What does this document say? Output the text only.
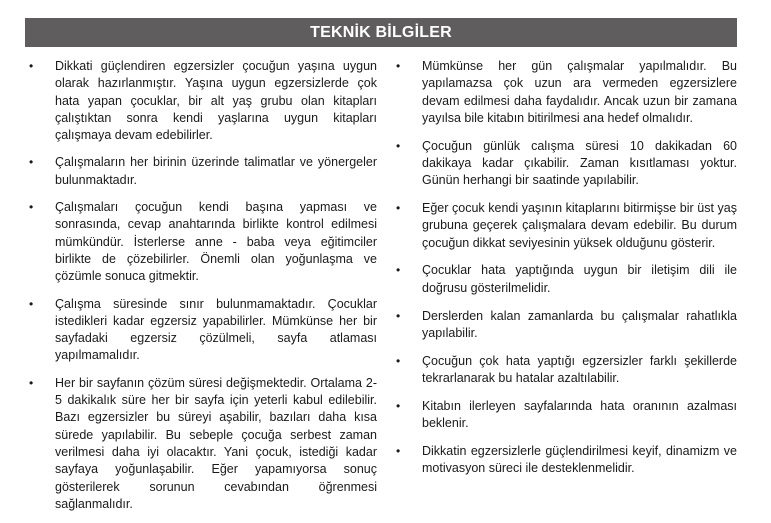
TEKNİK BİLGİLER
•	Dikkati güçlendiren egzersizler çocuğun yaşına uygun olarak hazırlanmıştır. Yaşına uygun egzersizlerde çok hata yapan çocuklar, bir alt yaş grubu olan kitapları çalıştıktan sonra kendi yaşlarına uygun kitapları çalışmaya devam edebilirler.
•	Çalışmaların her birinin üzerinde talimatlar ve yönergeler bulunmaktadır.
•	Çalışmaları çocuğun kendi başına yapması ve sonrasında, cevap anahtarında birlikte kontrol edilmesi mümkündür. İsterlerse anne - baba veya eğitimciler birlikte de çözebilirler. Önemli olan yoğunlaşma ve çözümle sonuca gitmektir.
•	Çalışma süresinde sınır bulunmamaktadır. Çocuklar istedikleri kadar egzersiz yapabilirler. Mümkünse her bir sayfadaki egzersiz çözülmeli, sayfa atlaması yapılmamalıdır.
•	Her bir sayfanın çözüm süresi değişmektedir. Ortalama 2-5 dakikalık süre her bir sayfa için yeterli kabul edilebilir. Bazı egzersizler bu süreyi aşabilir, bazıları daha kısa sürede yapılabilir. Bu sebeple çocuğa serbest zaman verilmesi daha iyi olacaktır. Yani çocuk, istediği kadar sayfaya yoğunlaşabilir. Eğer yapamıyorsa sonuç gösterilerek sorunun cevabından öğrenmesi sağlanmalıdır.
•	Mümkünse her gün çalışmalar yapılmalıdır. Bu yapılamazsa çok uzun ara vermeden egzersizlere devam edilmesi daha faydalıdır. Ancak uzun bir zamana yayılsa bile kitabın bitirilmesi ana hedef olmalıdır.
•	Çocuğun günlük calışma süresi 10 dakikadan 60 dakikaya kadar çıkabilir. Zaman kısıtlaması yoktur. Günün herhangi bir saatinde yapılabilir.
•	Eğer çocuk kendi yaşının kitaplarını bitirmişse bir üst yaş grubuna geçerek çalışmalara devam edebilir. Bu durum çocuğun dikkat seviyesinin yüksek olduğunu gösterir.
•	Çocuklar hata yaptığında uygun bir iletişim dili ile doğrusu gösterilmelidir.
•	Derslerden kalan zamanlarda bu çalışmalar rahatlıkla yapılabilir.
•	Çocuğun çok hata yaptığı egzersizler farklı şekillerde tekrarlanarak bu hatalar azaltılabilir.
•	Kitabın ilerleyen sayfalarında hata oranının azalması beklenir.
•	Dikkatin egzersizlerle güçlendirilmesi keyif, dinamizm ve motivasyon süreci ile desteklenmelidir.
